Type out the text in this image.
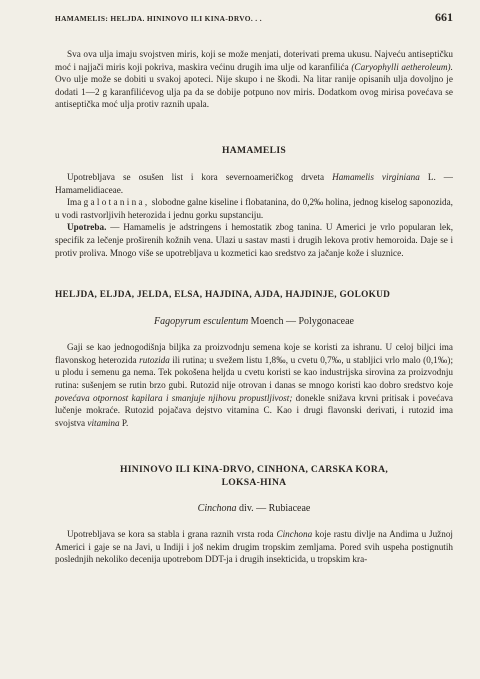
HAMAMELIS: HELJDA. HININOVO ILI KINA-DRVO. . .	661

Sva ova ulja imaju svojstven miris, koji se može menjati, doterivati prema ukusu. Najveću antiseptičku moć i najjači miris koji pokriva, maskira većinu drugih ima ulje od karanfilića (Caryophylli aetheroleum). Ovo ulje može se dobiti u svakoj apoteci. Nije skupo i ne škodi. Na litar ranije opisanih ulja dovoljno je dodati 1—2 g karanfilićevog ulja pa da se dobije potpuno nov miris. Dodatkom ovog mirisa povećava se antiseptička moć ulja protiv raznih upala.

HAMAMELIS

Upotrebljava se osušen list i kora severnoameričkog drveta Hamamelis virginiana L. — Hamamelidiaceae.

Ima galotanina, slobodne galne kiseline i flobatanina, do 0,2‰ holina, jednog kiselog saponozida, u vodi rastvorljivih heterozida i jednu gorku supstanciju.

Upotreba. — Hamamelis je adstringens i hemostatik zbog tanina. U Americi je vrlo popularan lek, specifik za lečenje proširenih kožnih vena. Ulazi u sastav masti i drugih lekova protiv hemoroida. Daje se i protiv proliva. Mnogo više se upotrebljava u kozmetici kao sredstvo za jačanje kože i sluznice.

HELJDA, ELJDA, JELDA, ELSA, HAJDINA, AJDA, HAJDINJE, GOLOKUD
Fagopyrum esculentum Moench — Polygonaceae

Gaji se kao jednogodišnja biljka za proizvodnju semena koje se koristi za ishranu. U celoj biljci ima flavonskog heterozida rutozida ili rutina; u svežem listu 1,8‰, u cvetu 0,7‰, u stabljici vrlo malo (0,1‰); u plodu i semenu ga nema. Tek pokošena heljda u cvetu koristi se kao industrijska sirovina za proizvodnju rutina: sušenjem se rutin brzo gubi. Rutozid nije otrovan i danas se mnogo koristi kao dobro sredstvo koje povećava otpornost kapilara i smanjuje njihovu propustljivost; donekle snižava krvni pritisak i povećava lučenje mokraće. Rutozid pojačava dejstvo vitamina C. Kao i drugi flavonski derivati, i rutozid ima svojstva vitamina P.

HININOVO ILI KINA-DRVO, CINHONA, CARSKA KORA,
LOKSA-HINA
Cinchona div. — Rubiaceae

Upotrebljava se kora sa stabla i grana raznih vrsta roda Cinchona koje rastu divlje na Andima u Južnoj Americi i gaje se na Javi, u Indiji i još nekim drugim tropskim zemljama. Pored svih uspeha postignutih poslednjih nekoliko decenija upotrebom DDT-ja i drugih insekticida, u tropskim kra-
